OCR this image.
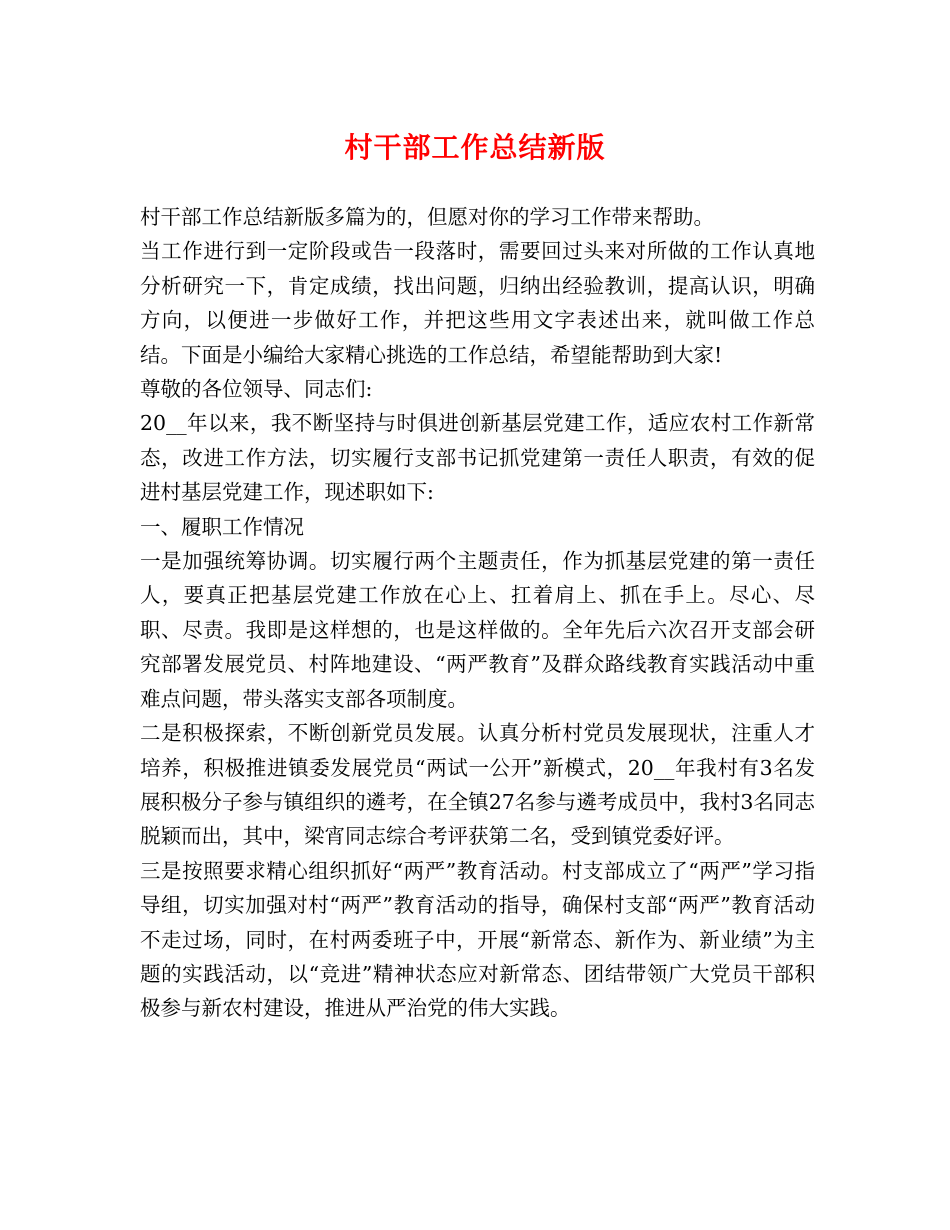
村干部工作总结新版

村干部工作总结新版多篇为的，但愿对你的学习工作带来帮助。

当工作进行到一定阶段或告一段落时，需要回过头来对所做的工作认真地分析研究一下，肯定成绩，找出问题，归纳出经验教训，提高认识，明确方向，以便进一步做好工作，并把这些用文字表述出来，就叫做工作总结。下面是小编给大家精心挑选的工作总结，希望能帮助到大家!

尊敬的各位领导、同志们:

20__年以来，我不断坚持与时俱进创新基层党建工作，适应农村工作新常态，改进工作方法，切实履行支部书记抓党建第一责任人职责，有效的促进村基层党建工作，现述职如下:

一、履职工作情况

一是加强统筹协调。切实履行两个主题责任，作为抓基层党建的第一责任人，要真正把基层党建工作放在心上、扛着肩上、抓在手上。尽心、尽职、尽责。我即是这样想的，也是这样做的。全年先后六次召开支部会研究部署发展党员、村阵地建设、“两严教育”及群众路线教育实践活动中重难点问题，带头落实支部各项制度。

二是积极探索，不断创新党员发展。认真分析村党员发展现状，注重人才培养，积极推进镇委发展党员“两试一公开”新模式，20__年我村有3名发展积极分子参与镇组织的遴考，在全镇27名参与遴考成员中，我村3名同志脱颖而出，其中，梁宵同志综合考评获第二名，受到镇党委好评。

三是按照要求精心组织抓好“两严”教育活动。村支部成立了“两严”学习指导组，切实加强对村“两严”教育活动的指导，确保村支部“两严”教育活动不走过场，同时，在村两委班子中，开展“新常态、新作为、新业绩”为主题的实践活动，以“竞进”精神状态应对新常态、团结带领广大党员干部积极参与新农村建设，推进从严治党的伟大实践。
